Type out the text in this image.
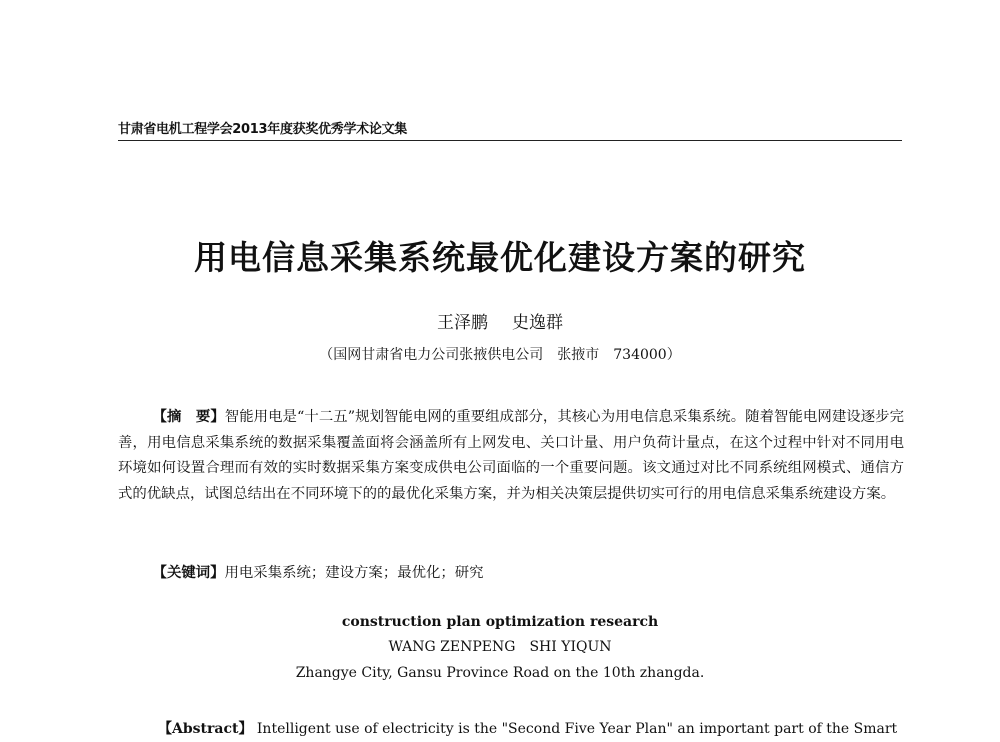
甘肃省电机工程学会2013年度获奖优秀学术论文集
用电信息采集系统最优化建设方案的研究
王泽鹏 史逸群
（国网甘肃省电力公司张掖供电公司　张掖市　734000）
【摘　要】智能用电是“十二五”规划智能电网的重要组成部分，其核心为用电信息采集系统。随着智能电网建设逐步完善，用电信息采集系统的数据采集覆盖面将会涵盖所有上网发电、关口计量、用户负荷计量点，在这个过程中针对不同用电环境如何设置合理而有效的实时数据采集方案变成供电公司面临的一个重要问题。该文通过对比不同系统组网模式、通信方式的优缺点，试图总结出在不同环境下的的最优化采集方案，并为相关决策层提供切实可行的用电信息采集系统建设方案。
【关键词】用电采集系统；建设方案；最优化；研究
construction plan optimization research
WANG ZENPENG SHI YIQUN
Zhangye City, Gansu Province Road on the 10th zhangda.
【Abstract】 Intelligent use of electricity is the "Second Five Year Plan" an important part of the Smart
